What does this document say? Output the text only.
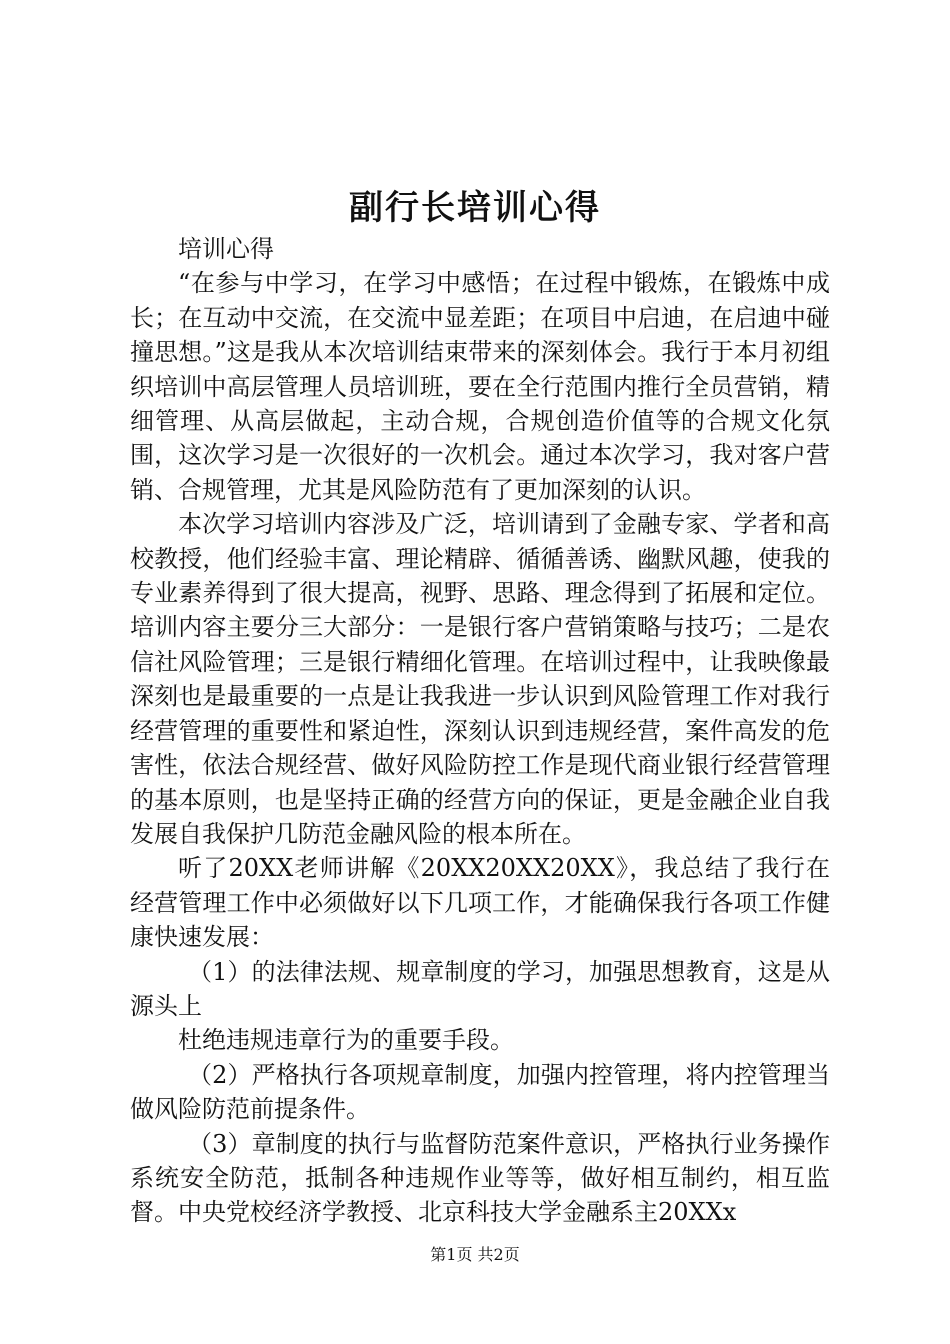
副行长培训心得

培训心得

“在参与中学习，在学习中感悟；在过程中锻炼，在锻炼中成长；在互动中交流，在交流中显差距；在项目中启迪，在启迪中碰撞思想。”这是我从本次培训结束带来的深刻体会。我行于本月初组织培训中高层管理人员培训班，要在全行范围内推行全员营销，精细管理、从高层做起，主动合规，合规创造价值等的合规文化氛围，这次学习是一次很好的一次机会。通过本次学习，我对客户营销、合规管理，尤其是风险防范有了更加深刻的认识。

本次学习培训内容涉及广泛，培训请到了金融专家、学者和高校教授，他们经验丰富、理论精辟、循循善诱、幽默风趣，使我的专业素养得到了很大提高，视野、思路、理念得到了拓展和定位。培训内容主要分三大部分：一是银行客户营销策略与技巧；二是农信社风险管理；三是银行精细化管理。在培训过程中，让我映像最深刻也是最重要的一点是让我我进一步认识到风险管理工作对我行经营管理的重要性和紧迫性，深刻认识到违规经营，案件高发的危害性，依法合规经营、做好风险防控工作是现代商业银行经营管理的基本原则，也是坚持正确的经营方向的保证，更是金融企业自我发展自我保护几防范金融风险的根本所在。

听了20XX老师讲解《20XX20XX20XX》，我总结了我行在经营管理工作中必须做好以下几项工作，才能确保我行各项工作健康快速发展：

（1）的法律法规、规章制度的学习，加强思想教育，这是从源头上

杜绝违规违章行为的重要手段。

（2）严格执行各项规章制度，加强内控管理，将内控管理当做风险防范前提条件。

（3）章制度的执行与监督防范案件意识，严格执行业务操作系统安全防范，抵制各种违规作业等等，做好相互制约，相互监督。中央党校经济学教授、北京科技大学金融系主20XXx

第1页 共2页
